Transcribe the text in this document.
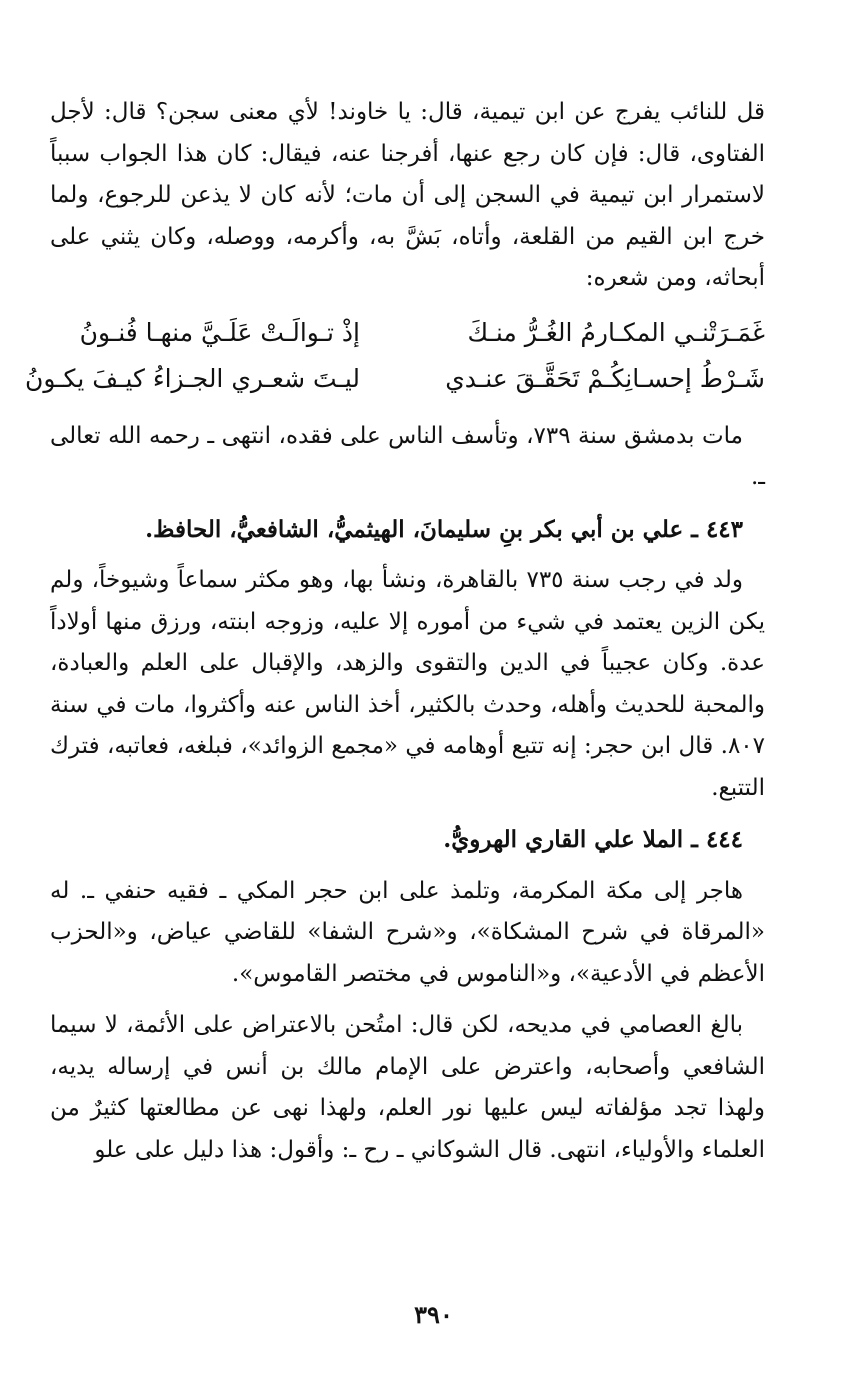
قل للنائب يفرج عن ابن تيمية، قال: يا خاوند! لأي معنى سجن؟ قال: لأجل الفتاوى، قال: فإن كان رجع عنها، أفرجنا عنه، فيقال: كان هذا الجواب سبباً لاستمرار ابن تيمية في السجن إلى أن مات؛ لأنه كان لا يذعن للرجوع، ولما خرج ابن القيم من القلعة، وأتاه، بَشَّ به، وأكرمه، ووصله، وكان يثني على أبحاثه، ومن شعره:

غَمَـرَتْنـي المكـارمُ الغُـرُّ منـكَ
إذْ تـوالَـتْ عَلَـيَّ منهـا فُنـونُ
شَـرْطُ إحسـانِكُـمْ تَحَقَّـقَ عنـدي
ليـتَ شعـري الجـزاءُ كيـفَ يكـونُ

مات بدمشق سنة ٧٣٩، وتأسف الناس على فقده، انتهى ـ رحمه الله تعالى ـ.

٤٤٣ ـ علي بن أبي بكر بنِ سليمانَ، الهيثميُّ، الشافعيُّ، الحافظ.

ولد في رجب سنة ٧٣٥ بالقاهرة، ونشأ بها، وهو مكثر سماعاً وشيوخاً، ولم يكن الزين يعتمد في شيء من أموره إلا عليه، وزوجه ابنته، ورزق منها أولاداً عدة. وكان عجيباً في الدين والتقوى والزهد، والإقبال على العلم والعبادة، والمحبة للحديث وأهله، وحدث بالكثير، أخذ الناس عنه وأكثروا، مات في سنة ٨٠٧. قال ابن حجر: إنه تتبع أوهامه في «مجمع الزوائد»، فبلغه، فعاتبه، فترك التتبع.

٤٤٤ ـ الملا علي القاري الهرويُّ.

هاجر إلى مكة المكرمة، وتلمذ على ابن حجر المكي ـ فقيه حنفي ـ. له «المرقاة في شرح المشكاة»، و«شرح الشفا» للقاضي عياض، و«الحزب الأعظم في الأدعية»، و«الناموس في مختصر القاموس».

بالغ العصامي في مديحه، لكن قال: امتُحن بالاعتراض على الأئمة، لا سيما الشافعي وأصحابه، واعترض على الإمام مالك بن أنس في إرساله يديه، ولهذا تجد مؤلفاته ليس عليها نور العلم، ولهذا نهى عن مطالعتها كثيرٌ من العلماء والأولياء، انتهى. قال الشوكاني ـ رح ـ: وأقول: هذا دليل على علو

٣٩٠
